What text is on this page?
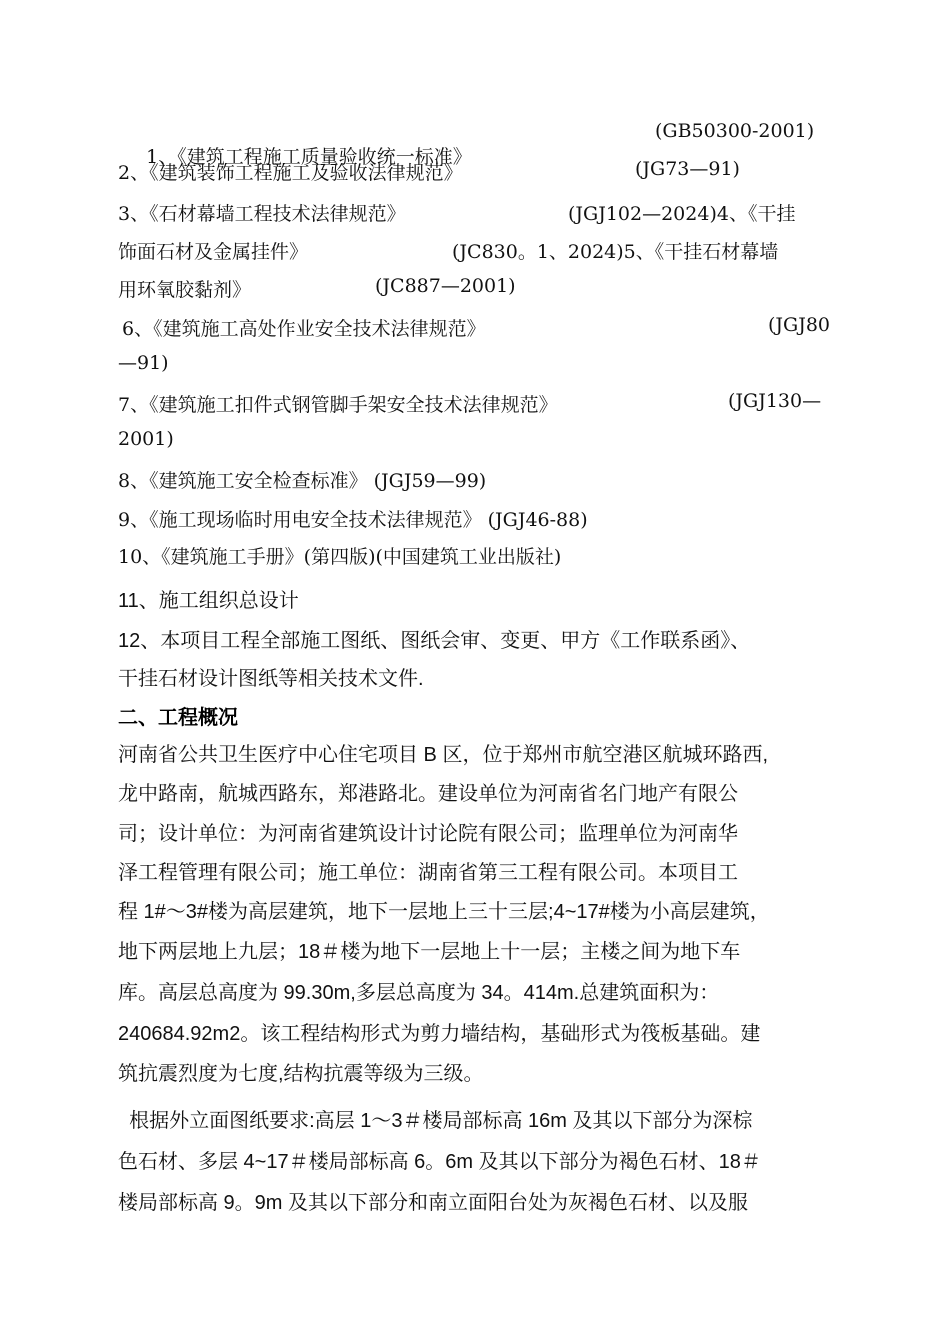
1、《建筑工程施工质量验收统一标准》

(GB50300-2001)
2、《建筑装饰工程施工及验收法律规范》	(JG73—91)
3、《石材幕墙工程技术法律规范》	(JGJ102—2024)4、《干挂
饰面石材及金属挂件》	(JC830。1、2024)5、《干挂石材幕墙
用环氧胶黏剂》	(JC887—2001)
6、《建筑施工高处作业安全技术法律规范》	(JGJ80
—91)
7、《建筑施工扣件式钢管脚手架安全技术法律规范》	(JGJ130—
2001)
8、《建筑施工安全检查标准》 (JGJ59—99)
9、《施工现场临时用电安全技术法律规范》 (JGJ46-88)
10、《建筑施工手册》(第四版)(中国建筑工业出版社)
11、施工组织总设计
12、本项目工程全部施工图纸、图纸会审、变更、甲方《工作联系函》、
干挂石材设计图纸等相关技术文件.
二、工程概况
河南省公共卫生医疗中心住宅项目 B 区，位于郑州市航空港区航城环路西,
龙中路南，航城西路东，郑港路北。建设单位为河南省名门地产有限公
司；设计单位：为河南省建筑设计讨论院有限公司；监理单位为河南华
泽工程管理有限公司；施工单位：湖南省第三工程有限公司。本项目工
程 1#～3#楼为高层建筑，地下一层地上三十三层;4~17#楼为小高层建筑，
地下两层地上九层；18＃楼为地下一层地上十一层；主楼之间为地下车
库。高层总高度为 99.30m,多层总高度为 34。414m.总建筑面积为：
240684.92m2。该工程结构形式为剪力墙结构，基础形式为筏板基础。建
筑抗震烈度为七度,结构抗震等级为三级。
根据外立面图纸要求:高层 1～3＃楼局部标高 16m 及其以下部分为深棕
色石材、多层 4~17＃楼局部标高 6。6m 及其以下部分为褐色石材、18＃
楼局部标高 9。9m 及其以下部分和南立面阳台处为灰褐色石材、以及服
